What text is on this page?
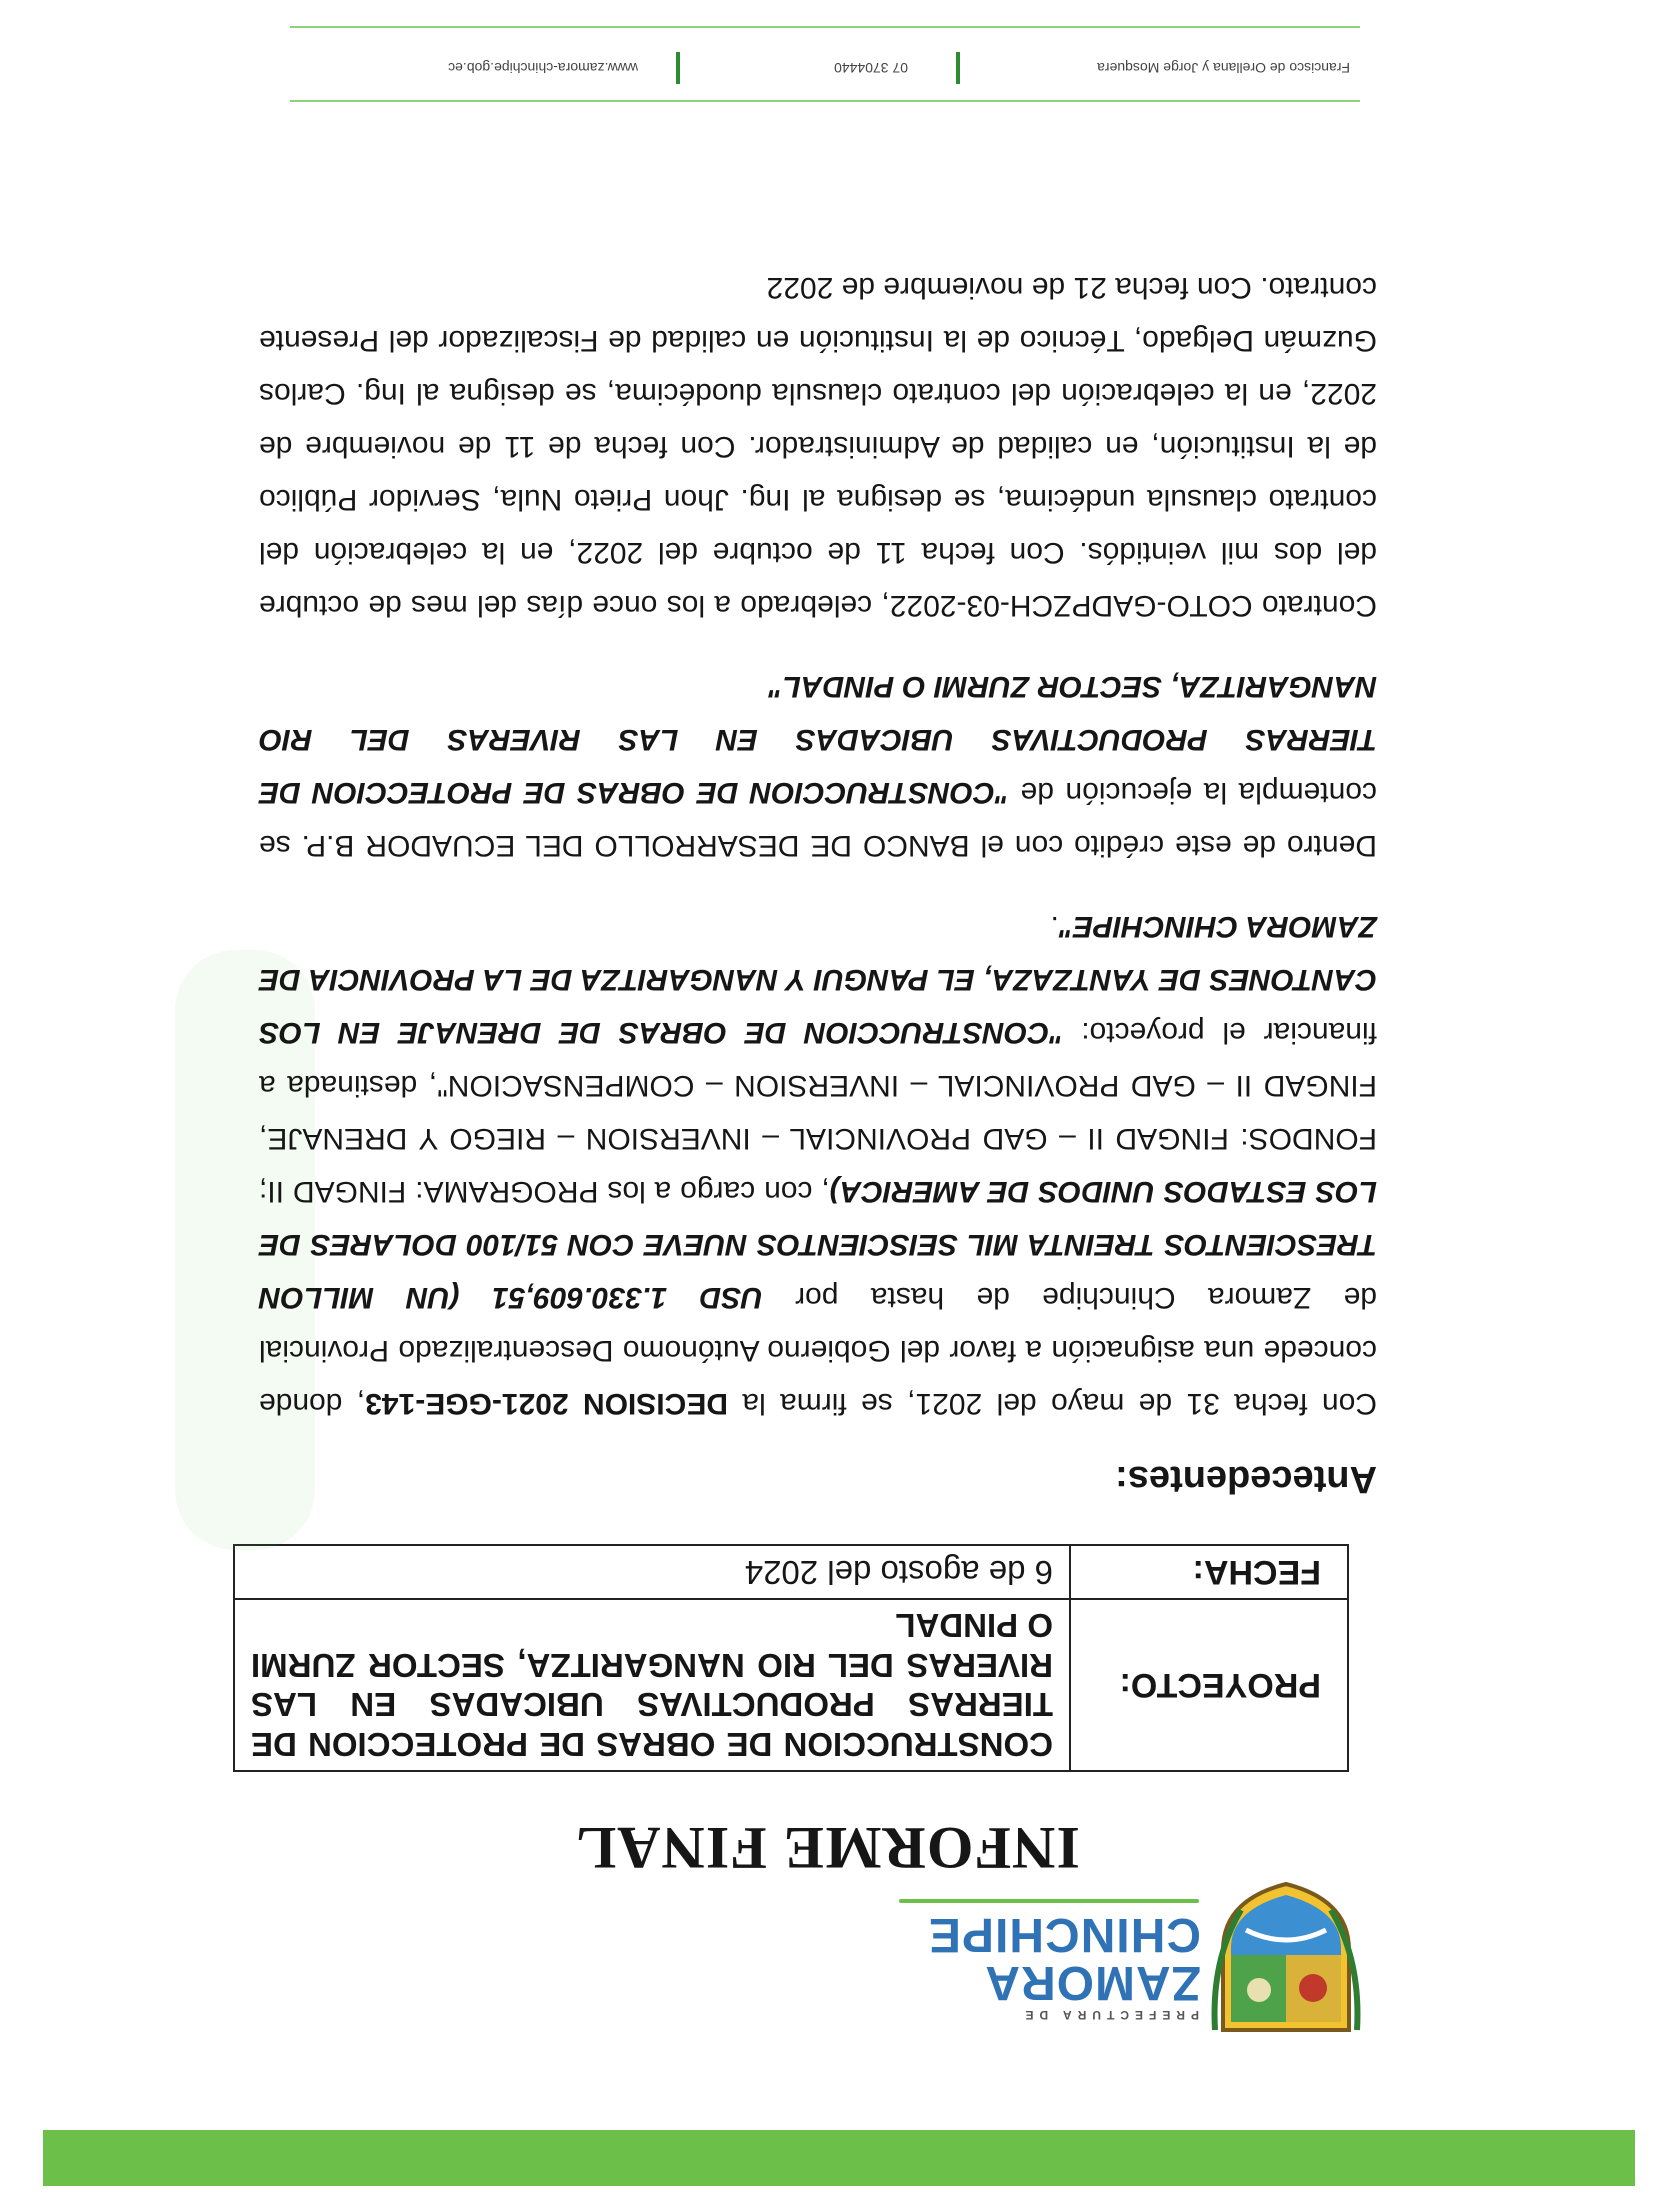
PREFECTURA DE
ZAMORA
CHINCHIPE
INFORME FINAL
PROYECTO:	CONSTRUCCION DE OBRAS DE PROTECCION DE TIERRAS PRODUCTIVAS UBICADAS EN LAS RIVERAS DEL RIO NANGARITZA, SECTOR ZURMI O PINDAL
FECHA:	6 de agosto del 2024
Antecedentes:

Con fecha 31 de mayo del 2021, se firma la DECISION 2021-GGE-143, donde concede una asignación a favor del Gobierno Autónomo Descentralizado Provincial de Zamora Chinchipe de hasta por USD 1.330.609,51 (UN MILLON TRESCIENTOS TREINTA MIL SEISCIENTOS NUEVE CON 51/100 DOLARES DE LOS ESTADOS UNIDOS DE AMERICA), con cargo a los PROGRAMA: FINGAD II; FONDOS: FINGAD II – GAD PROVINCIAL – INVERSION – RIEGO Y DRENAJE, FINGAD II – GAD PROVINCIAL – INVERSION – COMPENSACION", destinada a financiar el proyecto: "CONSTRUCCION DE OBRAS DE DRENAJE EN LOS CANTONES DE YANTZAZA, EL PANGUI Y NANGARITZA DE LA PROVINCIA DE ZAMORA CHINCHIPE".

Dentro de este crédito con el BANCO DE DESARROLLO DEL ECUADOR B.P. se contempla la ejecución de "CONSTRUCCION DE OBRAS DE PROTECCION DE TIERRAS PRODUCTIVAS UBICADAS EN LAS RIVERAS DEL RIO NANGARITZA, SECTOR ZURMI O PINDAL"

Contrato COTO-GADPZCH-03-2022, celebrado a los once días del mes de octubre del dos mil veintidós. Con fecha 11 de octubre del 2022, en la celebración del contrato clausula undécima, se designa al Ing. Jhon Prieto Nula, Servidor Público de la Institución, en calidad de Administrador. Con fecha de 11 de noviembre de 2022, en la celebración del contrato clausula duodécima, se designa al Ing. Carlos Guzmán Delgado, Técnico de la Institución en calidad de Fiscalizador del Presente contrato. Con fecha 21 de noviembre de 2022

Francisco de Orellana y Jorge Mosquera
07 3704440
www.zamora-chinchipe.gob.ec
